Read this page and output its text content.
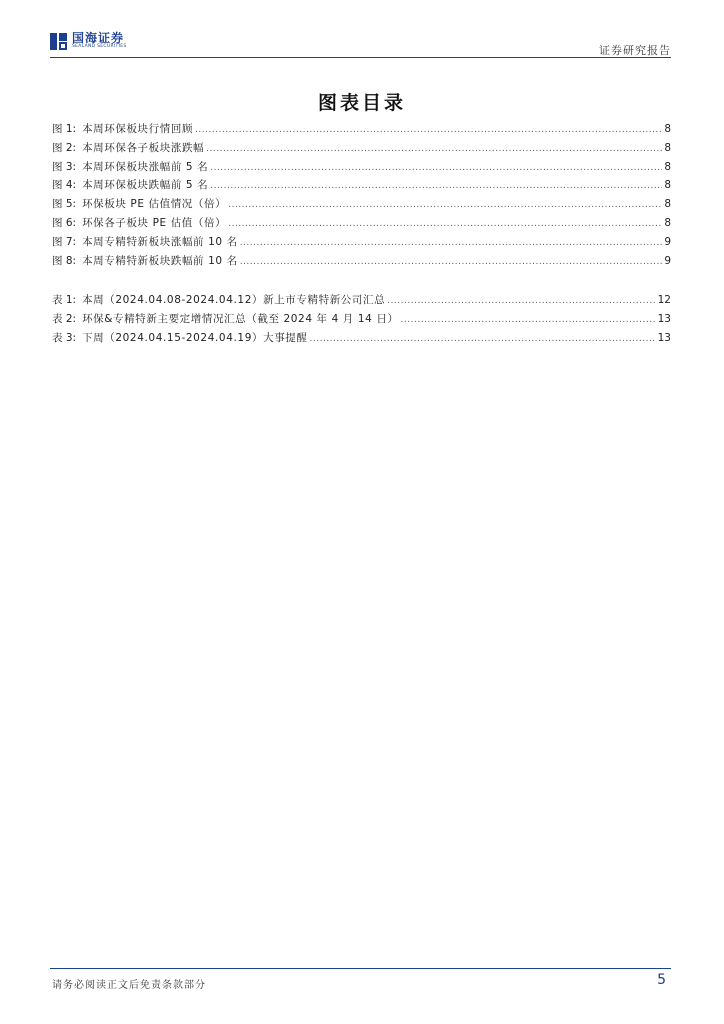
国海证券
SEALAND SECURITIES	证券研究报告
图表目录
图 1: 本周环保板块行情回顾 .....	8
图 2: 本周环保各子板块涨跌幅 .....	8
图 3: 本周环保板块涨幅前 5 名 .....	8
图 4: 本周环保板块跌幅前 5 名 .....	8
图 5: 环保板块 PE 估值情况（倍） .....	8
图 6: 环保各子板块 PE 估值（倍） .....	8
图 7: 本周专精特新板块涨幅前 10 名 .....	9
图 8: 本周专精特新板块跌幅前 10 名 .....	9
表 1: 本周（2024.04.08-2024.04.12）新上市专精特新公司汇总 .....	12
表 2: 环保&专精特新主要定增情况汇总（截至 2024 年 4 月 14 日） .....	13
表 3: 下周（2024.04.15-2024.04.19）大事提醒 .....	13
请务必阅读正文后免责条款部分	5
